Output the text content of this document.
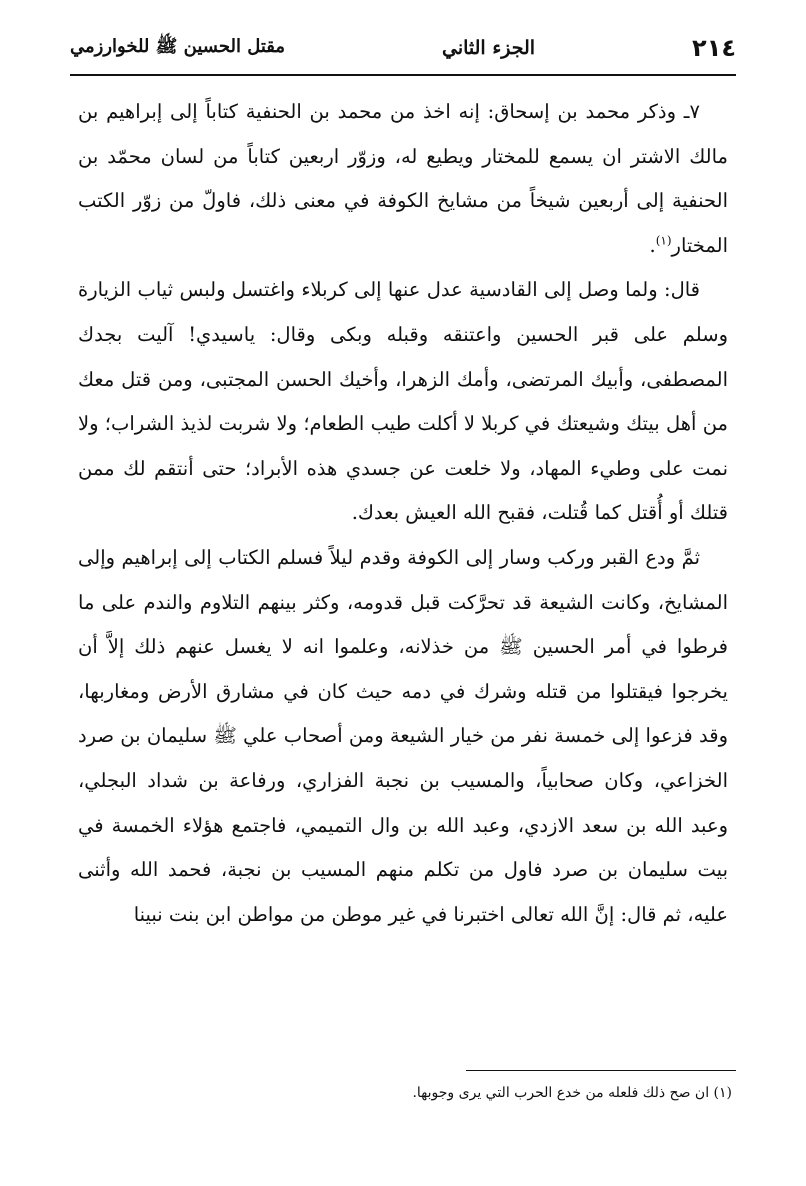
٢١٤
الجزء الثاني
مقتل الحسين ﷺ للخوارزمي

٧ـ وذكر محمد بن إسحاق: إنه اخذ من محمد بن الحنفية كتاباً إلى إبراهيم بن مالك الاشتر ان يسمع للمختار ويطيع له، وزوّر اربعين كتاباً من لسان محمّد بن الحنفية إلى أربعين شيخاً من مشايخ الكوفة في معنى ذلك، فاولّ من زوّر الكتب المختار$^{(١)}$.

قال: ولما وصل إلى القادسية عدل عنها إلى كربلاء واغتسل ولبس ثياب الزيارة وسلم على قبر الحسين واعتنقه وقبله وبكى وقال: ياسيدي! آليت بجدك المصطفى، وأبيك المرتضى، وأمك الزهرا، وأخيك الحسن المجتبى، ومن قتل معك من أهل بيتك وشيعتك في كربلا لا أكلت طيب الطعام؛ ولا شربت لذيذ الشراب؛ ولا نمت على وطيء المهاد، ولا خلعت عن جسدي هذه الأبراد؛ حتى أنتقم لك ممن قتلك أو أُقتل كما قُتلت، فقبح الله العيش بعدك.

ثمَّ ودع القبر وركب وسار إلى الكوفة وقدم ليلاً فسلم الكتاب إلى إبراهيم وإلى المشايخ، وكانت الشيعة قد تحرَّكت قبل قدومه، وكثر بينهم التلاوم والندم على ما فرطوا في أمر الحسين ﷺ من خذلانه، وعلموا انه لا يغسل عنهم ذلك إلاَّ أن يخرجوا فيقتلوا من قتله وشرك في دمه حيث كان في مشارق الأرض ومغاربها، وقد فزعوا إلى خمسة نفر من خيار الشيعة ومن أصحاب علي ﷺ سليمان بن صرد الخزاعي، وكان صحابياً، والمسيب بن نجبة الفزاري، ورفاعة بن شداد البجلي، وعبد الله بن سعد الازدي، وعبد الله بن وال التميمي، فاجتمع هؤلاء الخمسة في بيت سليمان بن صرد فاول من تكلم منهم المسيب بن نجبة، فحمد الله وأثنى عليه، ثم قال: إنَّ الله تعالى اختبرنا في غير موطن من مواطن ابن بنت نبينا

(١) ان صح ذلك فلعله من خدع الحرب التي يرى وجوبها.
